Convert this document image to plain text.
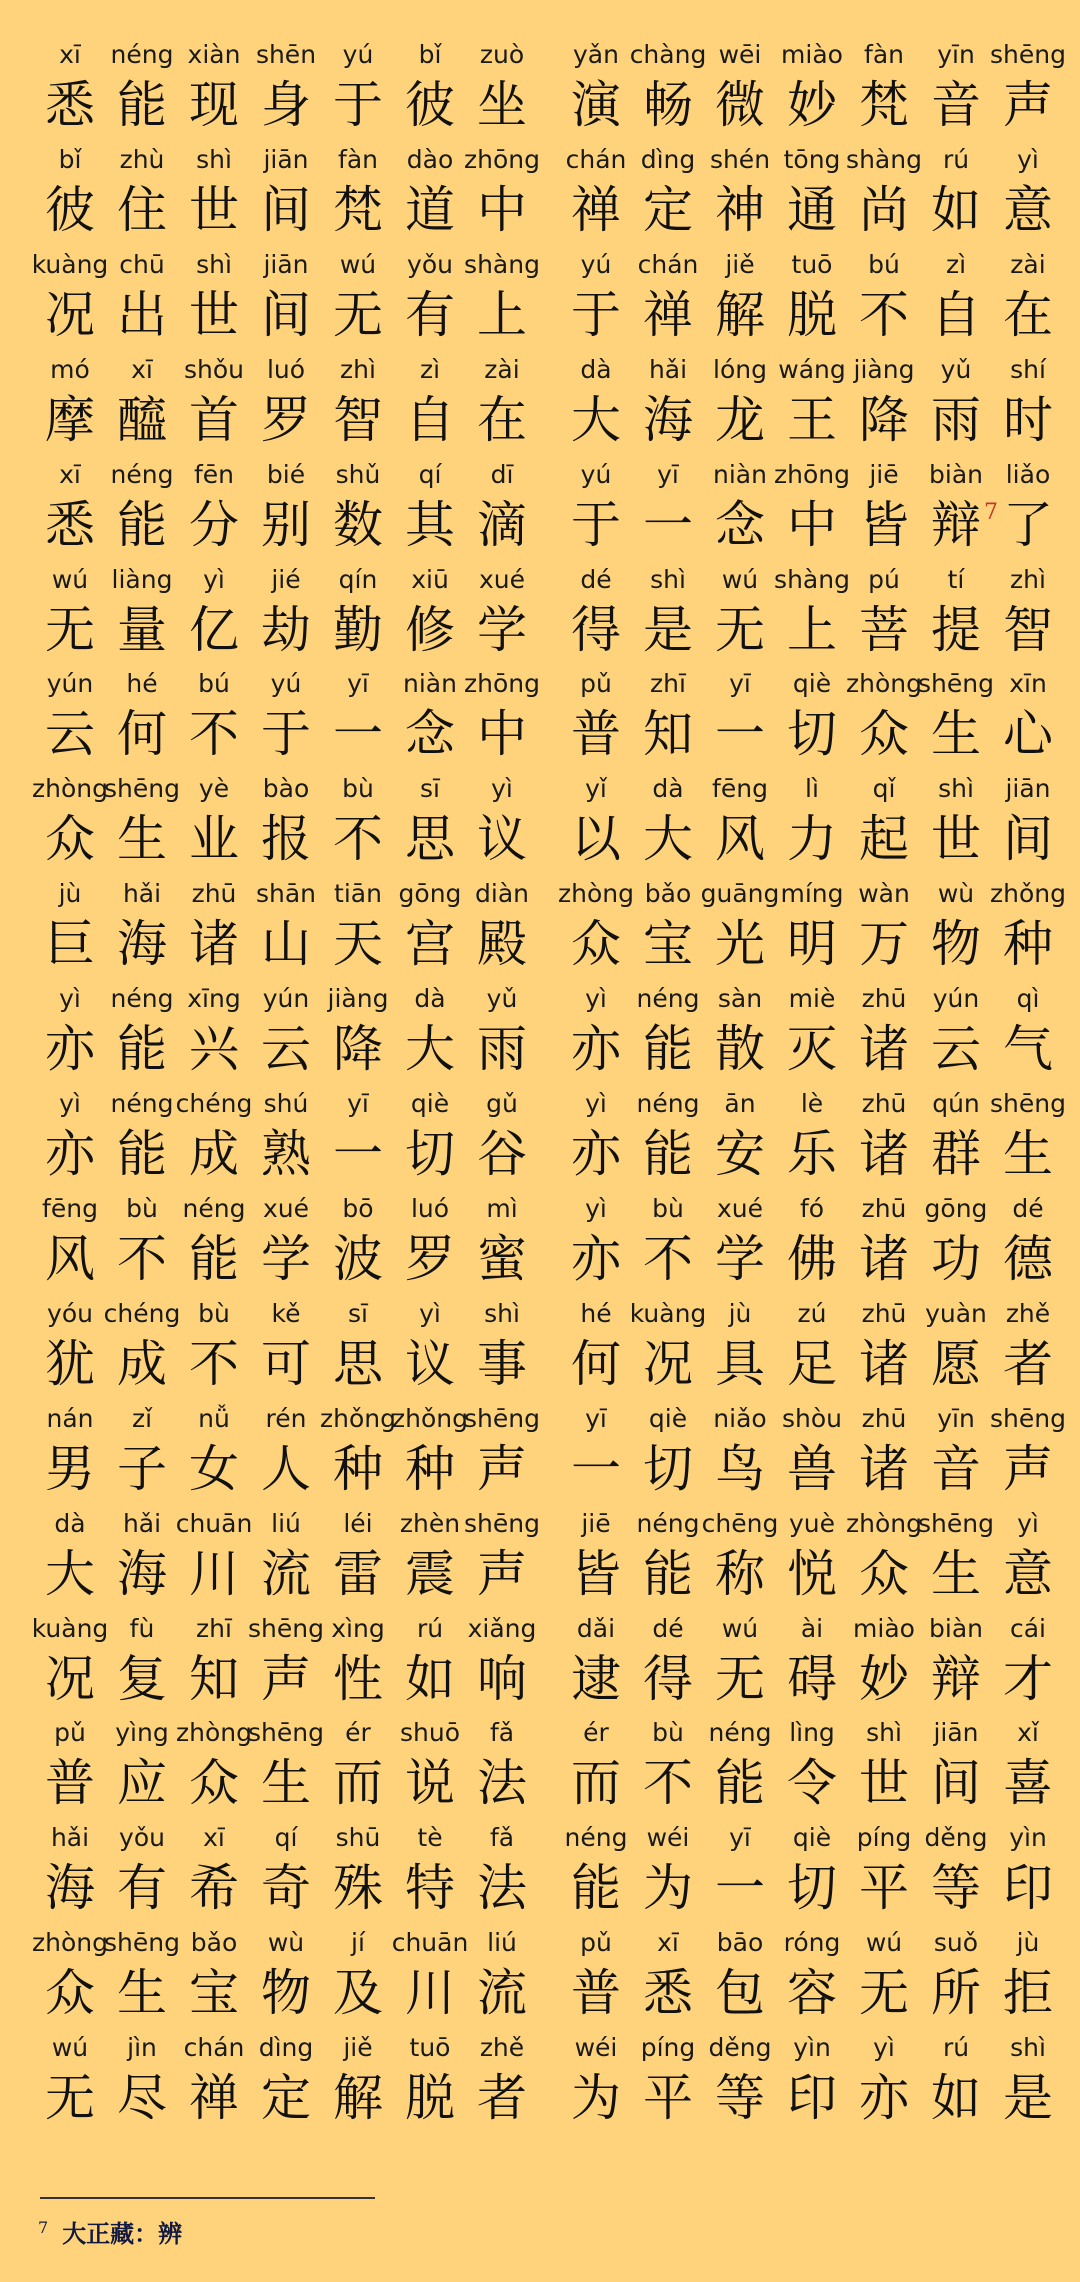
xī
悉
néng
能
xiàn
现
shēn
身
yú
于
bǐ
彼
zuò
坐
yǎn
演
chàng
畅
wēi
微
miào
妙
fàn
梵
yīn
音
shēng
声
bǐ
彼
zhù
住
shì
世
jiān
间
fàn
梵
dào
道
zhōng
中
chán
禅
dìng
定
shén
神
tōng
通
shàng
尚
rú
如
yì
意
kuàng
况
chū
出
shì
世
jiān
间
wú
无
yǒu
有
shàng
上
yú
于
chán
禅
jiě
解
tuō
脱
bú
不
zì
自
zài
在
mó
摩
xī
醯
shǒu
首
luó
罗
zhì
智
zì
自
zài
在
dà
大
hǎi
海
lóng
龙
wáng
王
jiàng
降
yǔ
雨
shí
时
xī
悉
néng
能
fēn
分
bié
别
shǔ
数
qí
其
dī
滴
yú
于
yī
一
niàn
念
zhōng
中
jiē
皆
biàn
辩 7
liǎo
了
wú
无
liàng
量
yì
亿
jié
劫
qín
勤
xiū
修
xué
学
dé
得
shì
是
wú
无
shàng
上
pú
菩
tí
提
zhì
智
yún
云
hé
何
bú
不
yú
于
yī
一
niàn
念
zhōng
中
pǔ
普
zhī
知
yī
一
qiè
切
zhòng
众
shēng
生
xīn
心
zhòng
众
shēng
生
yè
业
bào
报
bù
不
sī
思
yì
议
yǐ
以
dà
大
fēng
风
lì
力
qǐ
起
shì
世
jiān
间
jù
巨
hǎi
海
zhū
诸
shān
山
tiān
天
gōng
宫
diàn
殿
zhòng
众
bǎo
宝
guāng
光
míng
明
wàn
万
wù
物
zhǒng
种
yì
亦
néng
能
xīng
兴
yún
云
jiàng
降
dà
大
yǔ
雨
yì
亦
néng
能
sàn
散
miè
灭
zhū
诸
yún
云
qì
气
yì
亦
néng
能
chéng
成
shú
熟
yī
一
qiè
切
gǔ
谷
yì
亦
néng
能
ān
安
lè
乐
zhū
诸
qún
群
shēng
生
fēng
风
bù
不
néng
能
xué
学
bō
波
luó
罗
mì
蜜
yì
亦
bù
不
xué
学
fó
佛
zhū
诸
gōng
功
dé
德
yóu
犹
chéng
成
bù
不
kě
可
sī
思
yì
议
shì
事
hé
何
kuàng
况
jù
具
zú
足
zhū
诸
yuàn
愿
zhě
者
nán
男
zǐ
子
nǚ
女
rén
人
zhǒng
种
zhǒng
种
shēng
声
yī
一
qiè
切
niǎo
鸟
shòu
兽
zhū
诸
yīn
音
shēng
声
dà
大
hǎi
海
chuān
川
liú
流
léi
雷
zhèn
震
shēng
声
jiē
皆
néng
能
chēng
称
yuè
悦
zhòng
众
shēng
生
yì
意
kuàng
况
fù
复
zhī
知
shēng
声
xìng
性
rú
如
xiǎng
响
dǎi
逮
dé
得
wú
无
ài
碍
miào
妙
biàn
辩
cái
才
pǔ
普
yìng
应
zhòng
众
shēng
生
ér
而
shuō
说
fǎ
法
ér
而
bù
不
néng
能
lìng
令
shì
世
jiān
间
xǐ
喜
hǎi
海
yǒu
有
xī
希
qí
奇
shū
殊
tè
特
fǎ
法
néng
能
wéi
为
yī
一
qiè
切
píng
平
děng
等
yìn
印
zhòng
众
shēng
生
bǎo
宝
wù
物
jí
及
chuān
川
liú
流
pǔ
普
xī
悉
bāo
包
róng
容
wú
无
suǒ
所
jù
拒
wú
无
jìn
尽
chán
禅
dìng
定
jiě
解
tuō
脱
zhě
者
wéi
为
píng
平
děng
等
yìn
印
yì
亦
rú
如
shì
是
$^7$ 大正藏：辨
